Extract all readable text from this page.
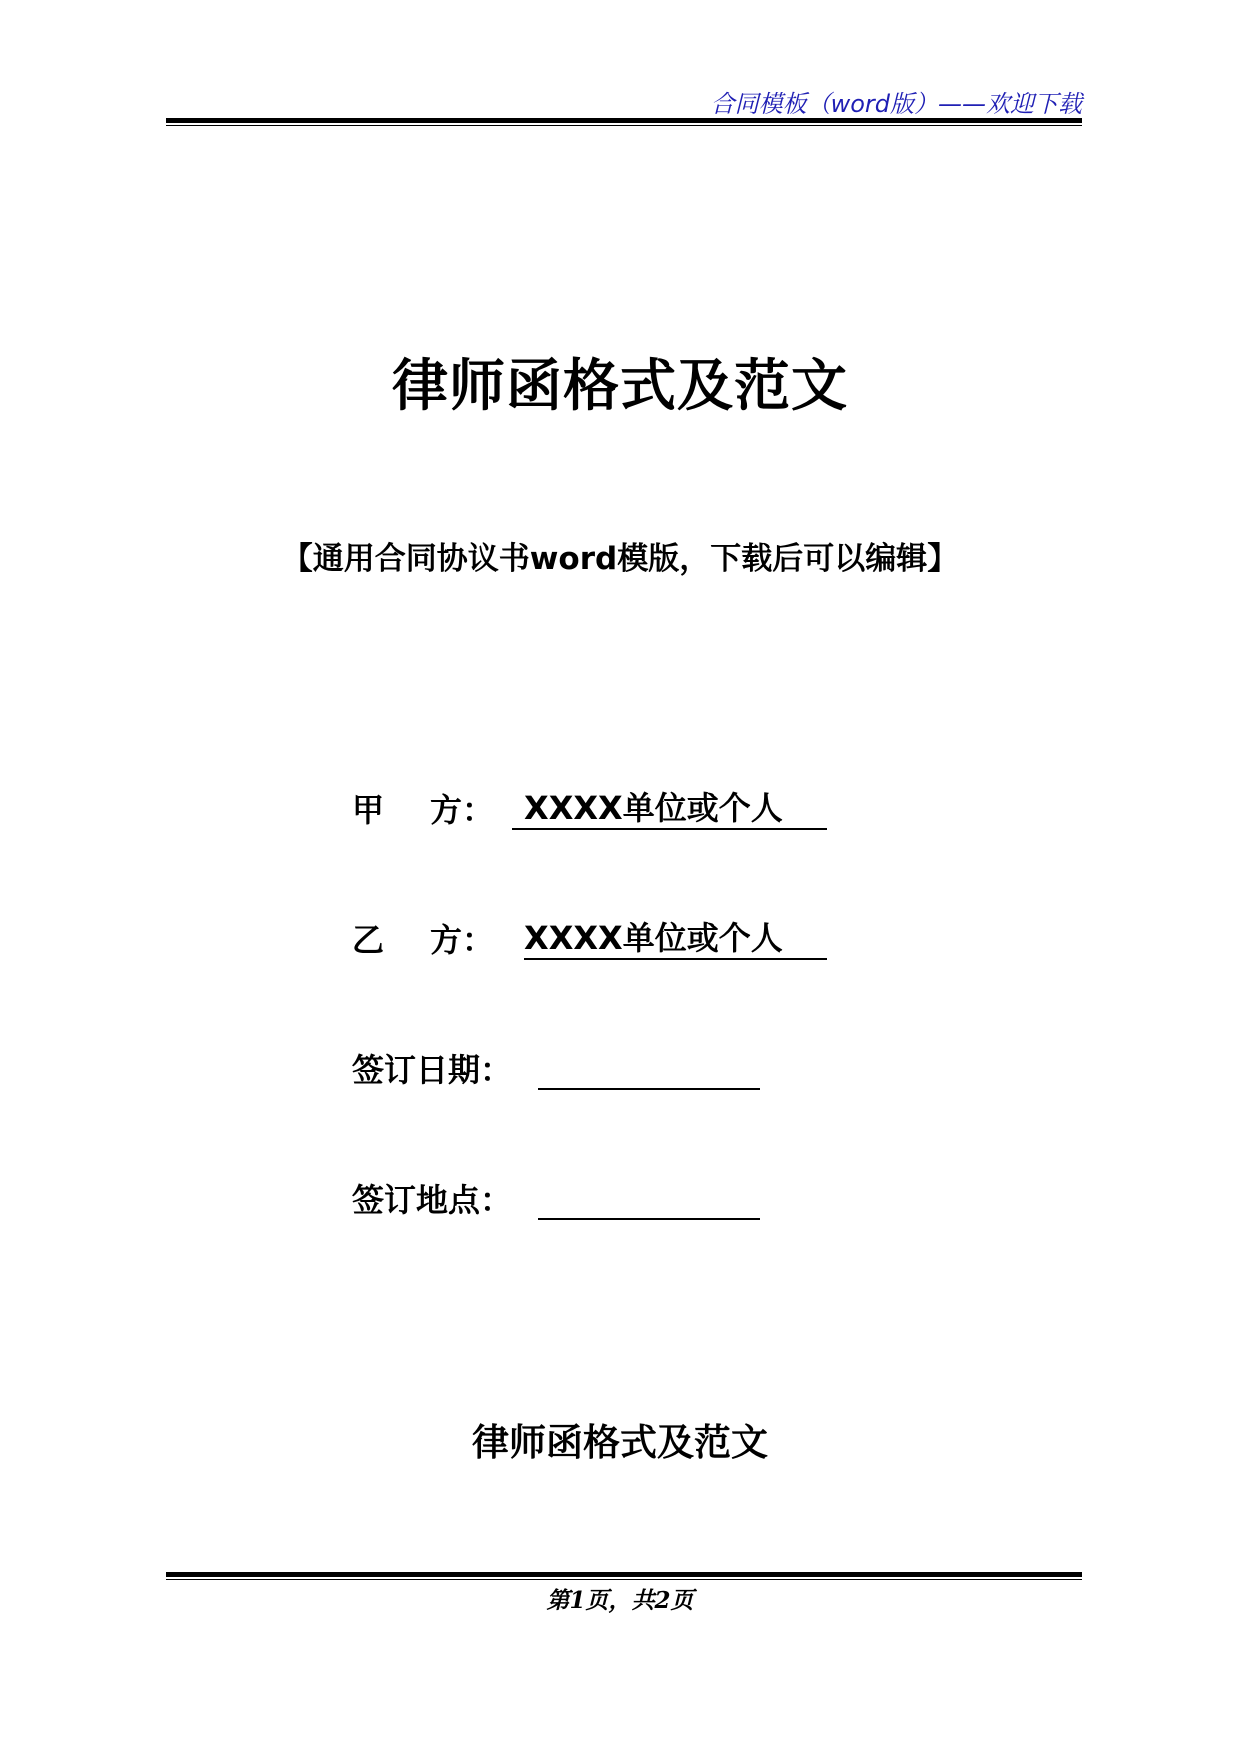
合同模板（word版）——欢迎下载
律师函格式及范文
【通用合同协议书word模版，下载后可以编辑】
甲 方 ： XXXX单位或个人
乙 方 ： XXXX单位或个人
签订日期 ：
签订地点 ：
律师函格式及范文
第1页，共2页
